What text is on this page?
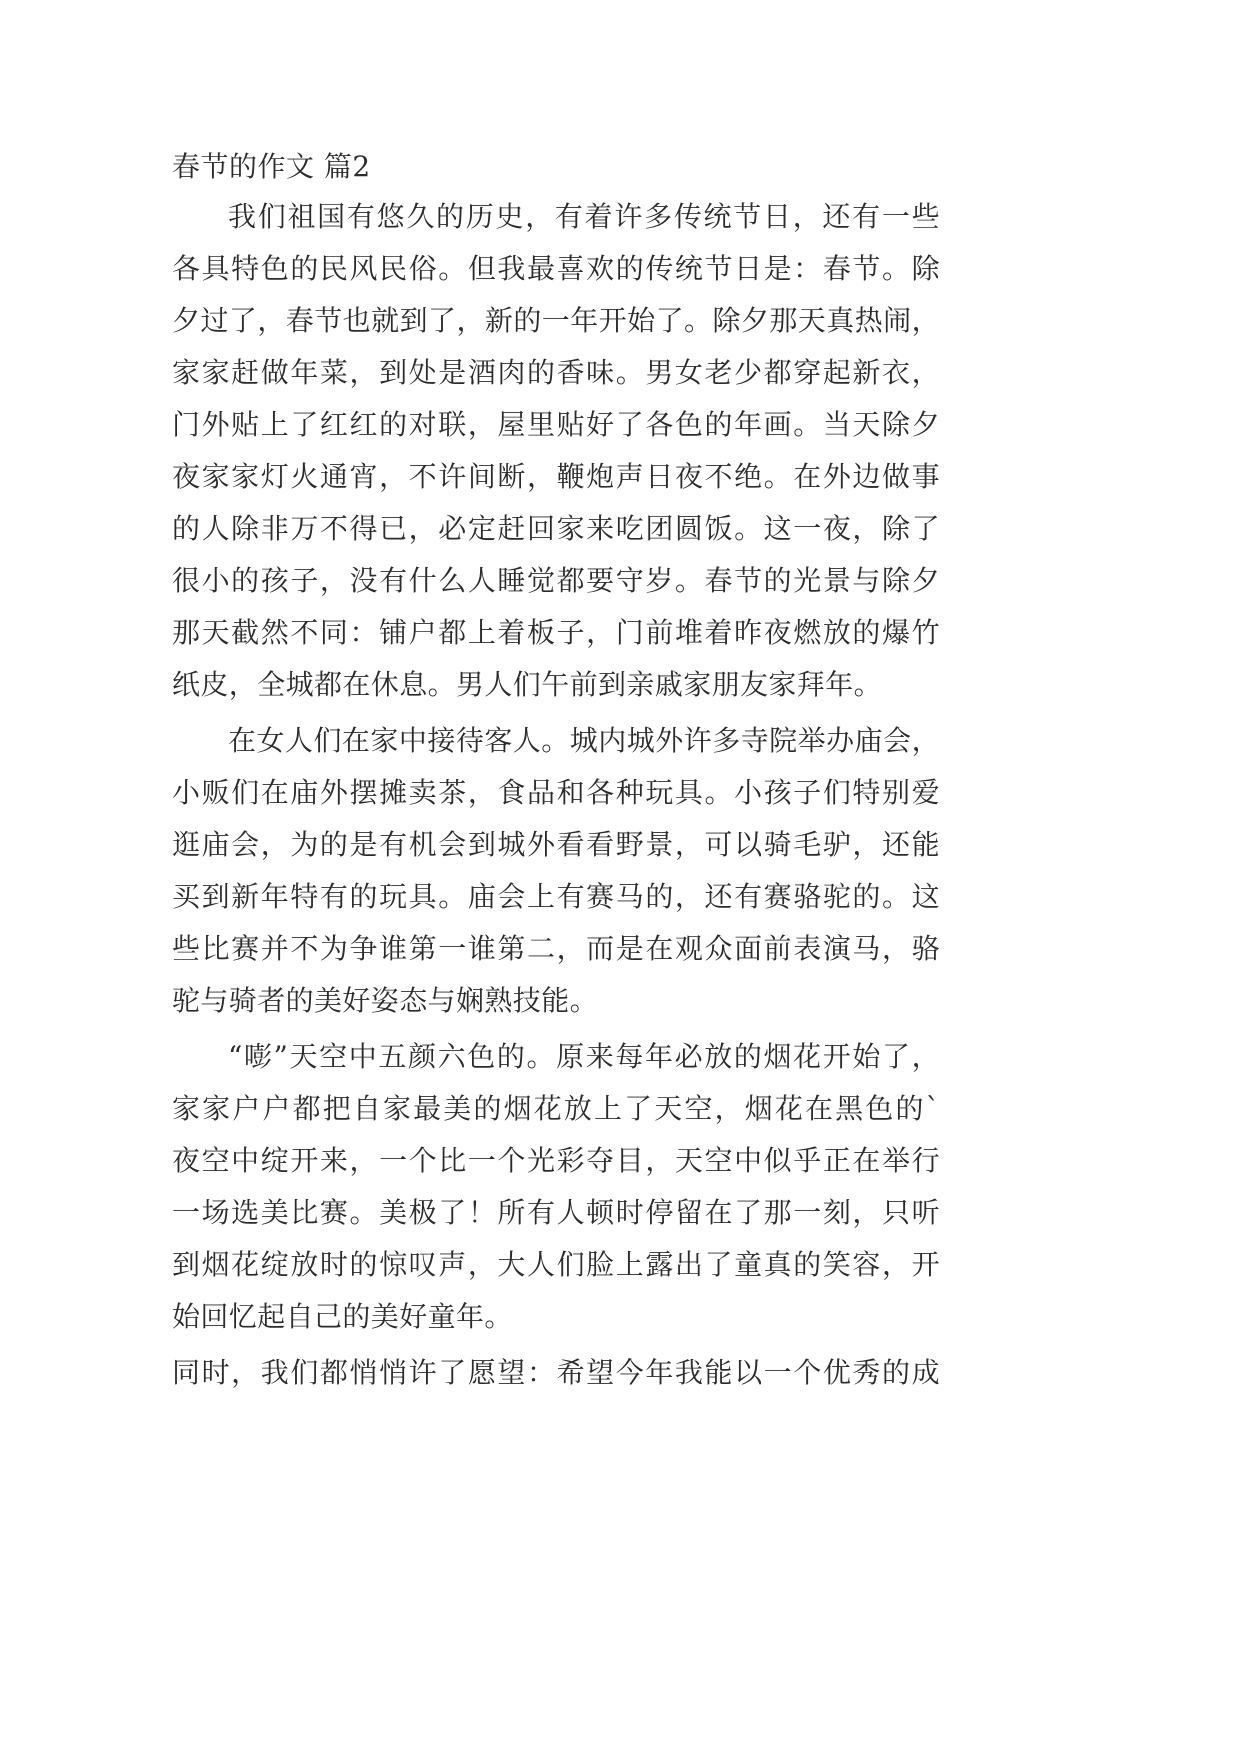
春节的作文 篇2
我们祖国有悠久的历史，有着许多传统节日，还有一些
各具特色的民风民俗。但我最喜欢的传统节日是：春节。除
夕过了，春节也就到了，新的一年开始了。除夕那天真热闹，
家家赶做年菜，到处是酒肉的香味。男女老少都穿起新衣，
门外贴上了红红的对联，屋里贴好了各色的年画。当天除夕
夜家家灯火通宵，不许间断，鞭炮声日夜不绝。在外边做事
的人除非万不得已，必定赶回家来吃团圆饭。这一夜，除了
很小的孩子，没有什么人睡觉都要守岁。春节的光景与除夕
那天截然不同：铺户都上着板子，门前堆着昨夜燃放的爆竹
纸皮，全城都在休息。男人们午前到亲戚家朋友家拜年。
在女人们在家中接待客人。城内城外许多寺院举办庙会，
小贩们在庙外摆摊卖茶，食品和各种玩具。小孩子们特别爱
逛庙会，为的是有机会到城外看看野景，可以骑毛驴，还能
买到新年特有的玩具。庙会上有赛马的，还有赛骆驼的。这
些比赛并不为争谁第一谁第二，而是在观众面前表演马，骆
驼与骑者的美好姿态与娴熟技能。
“嘭”天空中五颜六色的。原来每年必放的烟花开始了，
家家户户都把自家最美的烟花放上了天空，烟花在黑色的`
夜空中绽开来，一个比一个光彩夺目，天空中似乎正在举行
一场选美比赛。美极了！所有人顿时停留在了那一刻，只听
到烟花绽放时的惊叹声，大人们脸上露出了童真的笑容，开
始回忆起自己的美好童年。
同时，我们都悄悄许了愿望：希望今年我能以一个优秀的成
